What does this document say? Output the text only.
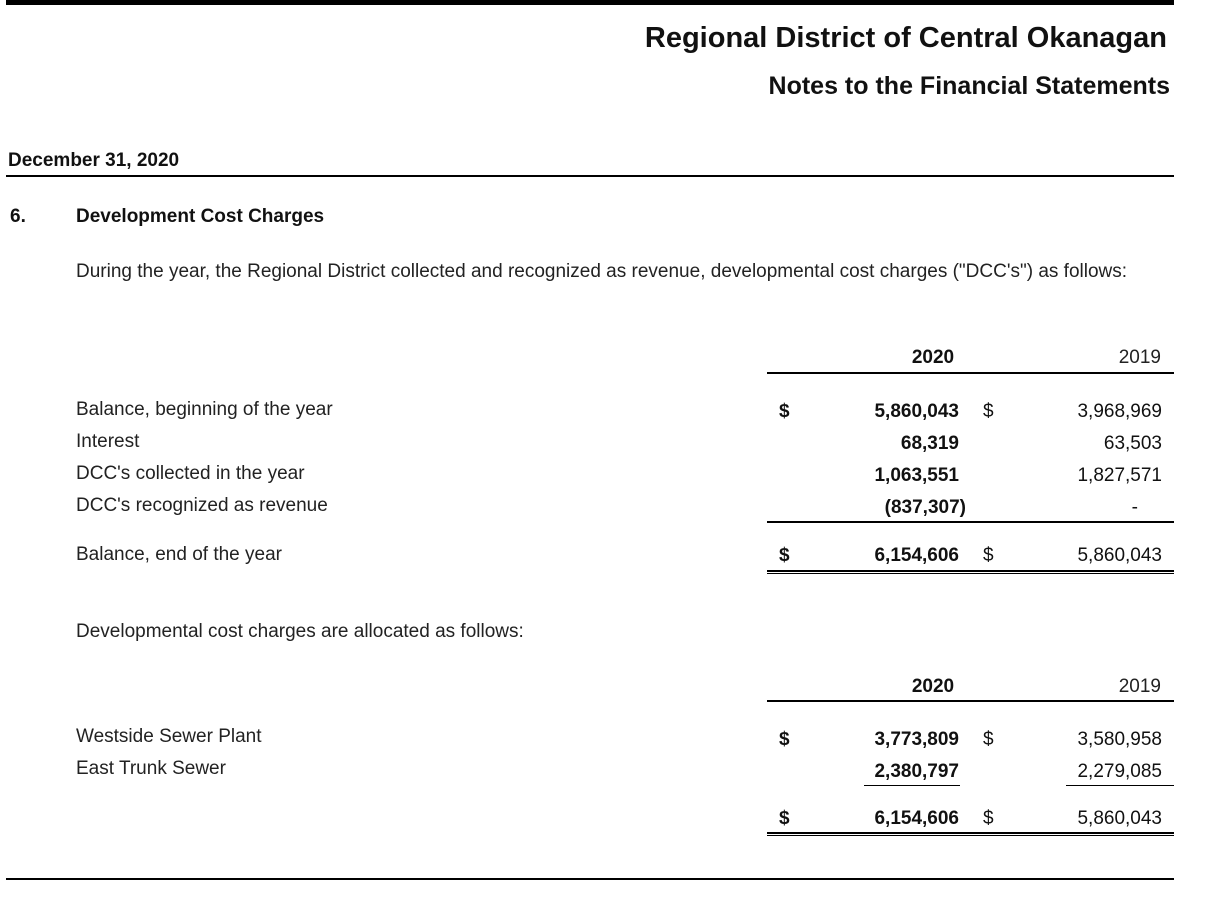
Regional District of Central Okanagan
Notes to the Financial Statements
December 31, 2020
6.	Development Cost Charges
During the year, the Regional District collected and recognized as revenue, developmental cost charges ("DCC's") as follows:
2020	2019
Balance, beginning of the year	$	5,860,043 $	3,968,969
Interest	68,319	63,503
DCC's collected in the year	1,063,551	1,827,571
DCC's recognized as revenue	(837,307)	-
Balance, end of the year	$	6,154,606 $	5,860,043
Developmental cost charges are allocated as follows:
2020	2019
Westside Sewer Plant	$	3,773,809 $	3,580,958
East Trunk Sewer	2,380,797	2,279,085
$	6,154,606 $	5,860,043
